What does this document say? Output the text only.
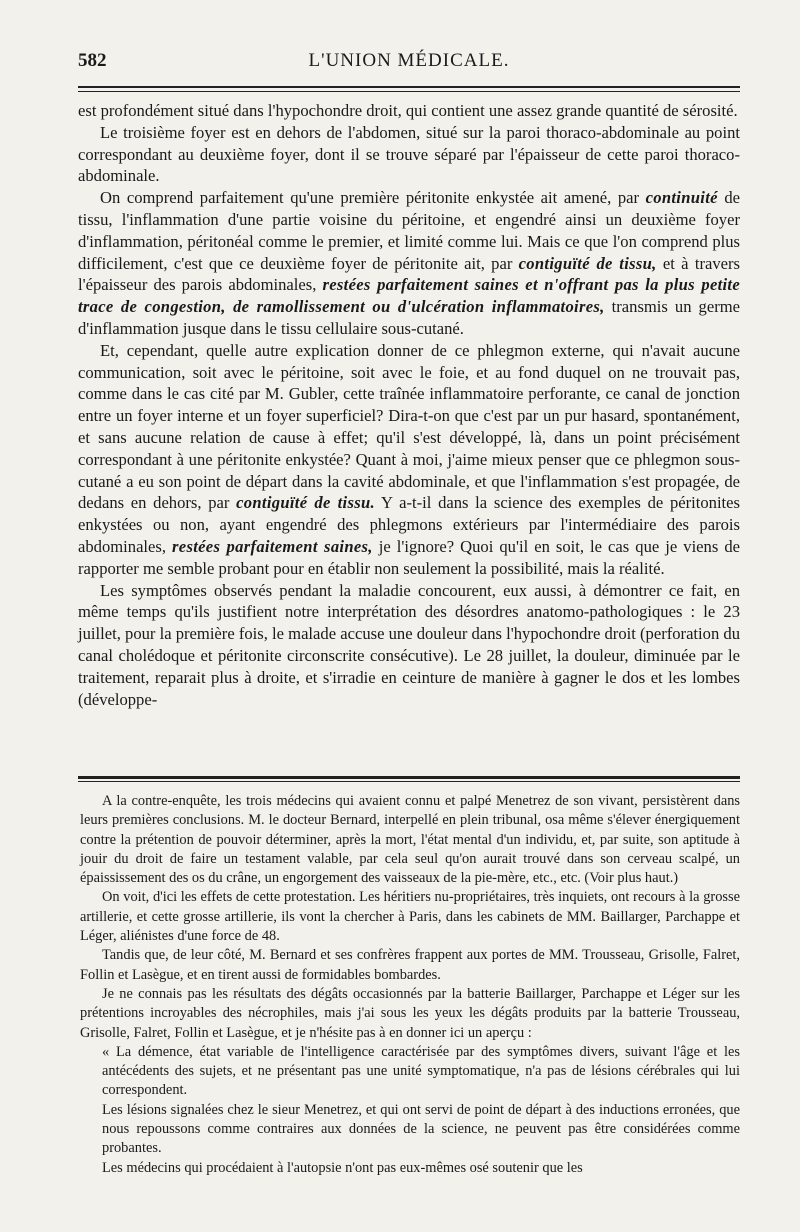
582	L'UNION MÉDICALE.

est profondément situé dans l'hypochondre droit, qui contient une assez grande quantité de sérosité.

Le troisième foyer est en dehors de l'abdomen, situé sur la paroi thoraco-abdominale au point correspondant au deuxième foyer, dont il se trouve séparé par l'épaisseur de cette paroi thoraco-abdominale.

On comprend parfaitement qu'une première péritonite enkystée ait amené, par continuité de tissu, l'inflammation d'une partie voisine du péritoine, et engendré ainsi un deuxième foyer d'inflammation, péritonéal comme le premier, et limité comme lui. Mais ce que l'on comprend plus difficilement, c'est que ce deuxième foyer de péritonite ait, par contiguïté de tissu, et à travers l'épaisseur des parois abdominales, restées parfaitement saines et n'offrant pas la plus petite trace de congestion, de ramollissement ou d'ulcération inflammatoires, transmis un germe d'inflammation jusque dans le tissu cellulaire sous-cutané.

Et, cependant, quelle autre explication donner de ce phlegmon externe, qui n'avait aucune communication, soit avec le péritoine, soit avec le foie, et au fond duquel on ne trouvait pas, comme dans le cas cité par M. Gubler, cette traînée inflammatoire perforante, ce canal de jonction entre un foyer interne et un foyer superficiel? Dira-t-on que c'est par un pur hasard, spontanément, et sans aucune relation de cause à effet; qu'il s'est développé, là, dans un point précisément correspondant à une péritonite enkystée? Quant à moi, j'aime mieux penser que ce phlegmon sous-cutané a eu son point de départ dans la cavité abdominale, et que l'inflammation s'est propagée, de dedans en dehors, par contiguïté de tissu. Y a-t-il dans la science des exemples de péritonites enkystées ou non, ayant engendré des phlegmons extérieurs par l'intermédiaire des parois abdominales, restées parfaitement saines, je l'ignore? Quoi qu'il en soit, le cas que je viens de rapporter me semble probant pour en établir non seulement la possibilité, mais la réalité.

Les symptômes observés pendant la maladie concourent, eux aussi, à démontrer ce fait, en même temps qu'ils justifient notre interprétation des désordres anatomo-pathologiques : le 23 juillet, pour la première fois, le malade accuse une douleur dans l'hypochondre droit (perforation du canal cholédoque et péritonite circonscrite consécutive). Le 28 juillet, la douleur, diminuée par le traitement, reparait plus à droite, et s'irradie en ceinture de manière à gagner le dos et les lombes (développe-

A la contre-enquête, les trois médecins qui avaient connu et palpé Menetrez de son vivant, persistèrent dans leurs premières conclusions. M. le docteur Bernard, interpellé en plein tribunal, osa même s'élever énergiquement contre la prétention de pouvoir déterminer, après la mort, l'état mental d'un individu, et, par suite, son aptitude à jouir du droit de faire un testament valable, par cela seul qu'on aurait trouvé dans son cerveau scalpé, un épaississement des os du crâne, un engorgement des vaisseaux de la pie-mère, etc., etc. (Voir plus haut.)

On voit, d'ici les effets de cette protestation. Les héritiers nu-propriétaires, très inquiets, ont recours à la grosse artillerie, et cette grosse artillerie, ils vont la chercher à Paris, dans les cabinets de MM. Baillarger, Parchappe et Léger, aliénistes d'une force de 48.

Tandis que, de leur côté, M. Bernard et ses confrères frappent aux portes de MM. Trousseau, Grisolle, Falret, Follin et Lasègue, et en tirent aussi de formidables bombardes.

Je ne connais pas les résultats des dégâts occasionnés par la batterie Baillarger, Parchappe et Léger sur les prétentions incroyables des nécrophiles, mais j'ai sous les yeux les dégâts produits par la batterie Trousseau, Grisolle, Falret, Follin et Lasègue, et je n'hésite pas à en donner ici un aperçu :

« La démence, état variable de l'intelligence caractérisée par des symptômes divers, suivant l'âge et les antécédents des sujets, et ne présentant pas une unité symptomatique, n'a pas de lésions cérébrales qui lui correspondent.

Les lésions signalées chez le sieur Menetrez, et qui ont servi de point de départ à des inductions erronées, que nous repoussons comme contraires aux données de la science, ne peuvent pas être considérées comme probantes.

Les médecins qui procédaient à l'autopsie n'ont pas eux-mêmes osé soutenir que les
